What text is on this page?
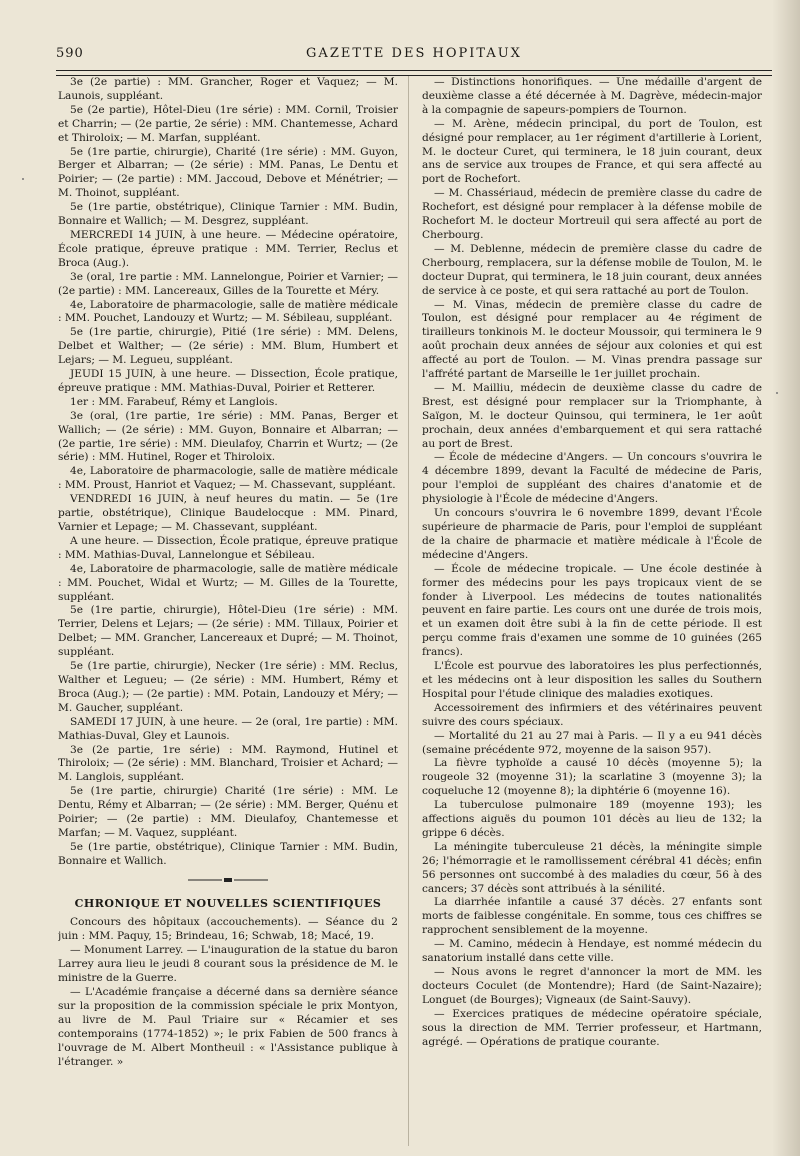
590	GAZETTE DES HOPITAUX

3e (2e partie) : MM. Grancher, Roger et Vaquez; — M. Launois, suppléant.

5e (2e partie), Hôtel-Dieu (1re série) : MM. Cornil, Troisier et Charrin; — (2e partie, 2e série) : MM. Chantemesse, Achard et Thiroloix; — M. Marfan, suppléant.

5e (1re partie, chirurgie), Charité (1re série) : MM. Guyon, Berger et Albarran; — (2e série) : MM. Panas, Le Dentu et Poirier; — (2e partie) : MM. Jaccoud, Debove et Ménétrier; — M. Thoinot, suppléant.

5e (1re partie, obstétrique), Clinique Tarnier : MM. Budin, Bonnaire et Wallich; — M. Desgrez, suppléant.

MERCREDI 14 JUIN, à une heure. — Médecine opératoire, École pratique, épreuve pratique : MM. Terrier, Reclus et Broca (Aug.).

3e (oral, 1re partie : MM. Lannelongue, Poirier et Varnier; — (2e partie) : MM. Lancereaux, Gilles de la Tourette et Méry.

4e, Laboratoire de pharmacologie, salle de matière médicale : MM. Pouchet, Landouzy et Wurtz; — M. Sébileau, suppléant.

5e (1re partie, chirurgie), Pitié (1re série) : MM. Delens, Delbet et Walther; — (2e série) : MM. Blum, Humbert et Lejars; — M. Legueu, suppléant.

JEUDI 15 JUIN, à une heure. — Dissection, École pratique, épreuve pratique : MM. Mathias-Duval, Poirier et Retterer.

1er : MM. Farabeuf, Rémy et Langlois.

3e (oral, (1re partie, 1re série) : MM. Panas, Berger et Wallich; — (2e série) : MM. Guyon, Bonnaire et Albarran; — (2e partie, 1re série) : MM. Dieulafoy, Charrin et Wurtz; — (2e série) : MM. Hutinel, Roger et Thiroloix.

4e, Laboratoire de pharmacologie, salle de matière médicale : MM. Proust, Hanriot et Vaquez; — M. Chassevant, suppléant.

VENDREDI 16 JUIN, à neuf heures du matin. — 5e (1re partie, obstétrique), Clinique Baudelocque : MM. Pinard, Varnier et Lepage; — M. Chassevant, suppléant.

A une heure. — Dissection, École pratique, épreuve pratique : MM. Mathias-Duval, Lannelongue et Sébileau.

4e, Laboratoire de pharmacologie, salle de matière médicale : MM. Pouchet, Widal et Wurtz; — M. Gilles de la Tourette, suppléant.

5e (1re partie, chirurgie), Hôtel-Dieu (1re série) : MM. Terrier, Delens et Lejars; — (2e série) : MM. Tillaux, Poirier et Delbet; — MM. Grancher, Lancereaux et Dupré; — M. Thoinot, suppléant.

5e (1re partie, chirurgie), Necker (1re série) : MM. Reclus, Walther et Legueu; — (2e série) : MM. Humbert, Rémy et Broca (Aug.); — (2e partie) : MM. Potain, Landouzy et Méry; — M. Gaucher, suppléant.

SAMEDI 17 JUIN, à une heure. — 2e (oral, 1re partie) : MM. Mathias-Duval, Gley et Launois.

3e (2e partie, 1re série) : MM. Raymond, Hutinel et Thiroloix; — (2e série) : MM. Blanchard, Troisier et Achard; — M. Langlois, suppléant.

5e (1re partie, chirurgie) Charité (1re série) : MM. Le Dentu, Rémy et Albarran; — (2e série) : MM. Berger, Quénu et Poirier; — (2e partie) : MM. Dieulafoy, Chantemesse et Marfan; — M. Vaquez, suppléant.

5e (1re partie, obstétrique), Clinique Tarnier : MM. Budin, Bonnaire et Wallich.

CHRONIQUE ET NOUVELLES SCIENTIFIQUES

Concours des hôpitaux (accouchements). — Séance du 2 juin : MM. Paquy, 15; Brindeau, 16; Schwab, 18; Macé, 19.

— Monument Larrey. — L'inauguration de la statue du baron Larrey aura lieu le jeudi 8 courant sous la présidence de M. le ministre de la Guerre.

— L'Académie française a décerné dans sa dernière séance sur la proposition de la commission spéciale le prix Montyon, au livre de M. Paul Triaire sur « Récamier et ses contemporains (1774-1852) »; le prix Fabien de 500 francs à l'ouvrage de M. Albert Montheuil : « l'Assistance publique à l'étranger. »

— Distinctions honorifiques. — Une médaille d'argent de deuxième classe a été décernée à M. Dagrève, médecin-major à la compagnie de sapeurs-pompiers de Tournon.

— M. Arène, médecin principal, du port de Toulon, est désigné pour remplacer, au 1er régiment d'artillerie à Lorient, M. le docteur Curet, qui terminera, le 18 juin courant, deux ans de service aux troupes de France, et qui sera affecté au port de Rochefort.

— M. Chassériaud, médecin de première classe du cadre de Rochefort, est désigné pour remplacer à la défense mobile de Rochefort M. le docteur Mortreuil qui sera affecté au port de Cherbourg.

— M. Deblenne, médecin de première classe du cadre de Cherbourg, remplacera, sur la défense mobile de Toulon, M. le docteur Duprat, qui terminera, le 18 juin courant, deux années de service à ce poste, et qui sera rattaché au port de Toulon.

— M. Vinas, médecin de première classe du cadre de Toulon, est désigné pour remplacer au 4e régiment de tirailleurs tonkinois M. le docteur Moussoir, qui terminera le 9 août prochain deux années de séjour aux colonies et qui est affecté au port de Toulon. — M. Vinas prendra passage sur l'affrété partant de Marseille le 1er juillet prochain.

— M. Mailliu, médecin de deuxième classe du cadre de Brest, est désigné pour remplacer sur la Triomphante, à Saïgon, M. le docteur Quinsou, qui terminera, le 1er août prochain, deux années d'embarquement et qui sera rattaché au port de Brest.

— École de médecine d'Angers. — Un concours s'ouvrira le 4 décembre 1899, devant la Faculté de médecine de Paris, pour l'emploi de suppléant des chaires d'anatomie et de physiologie à l'École de médecine d'Angers.

Un concours s'ouvrira le 6 novembre 1899, devant l'École supérieure de pharmacie de Paris, pour l'emploi de suppléant de la chaire de pharmacie et matière médicale à l'École de médecine d'Angers.

— École de médecine tropicale. — Une école destinée à former des médecins pour les pays tropicaux vient de se fonder à Liverpool. Les médecins de toutes nationalités peuvent en faire partie. Les cours ont une durée de trois mois, et un examen doit être subi à la fin de cette période. Il est perçu comme frais d'examen une somme de 10 guinées (265 francs).

L'École est pourvue des laboratoires les plus perfectionnés, et les médecins ont à leur disposition les salles du Southern Hospital pour l'étude clinique des maladies exotiques.

Accessoirement des infirmiers et des vétérinaires peuvent suivre des cours spéciaux.

— Mortalité du 21 au 27 mai à Paris. — Il y a eu 941 décès (semaine précédente 972, moyenne de la saison 957).

La fièvre typhoïde a causé 10 décès (moyenne 5); la rougeole 32 (moyenne 31); la scarlatine 3 (moyenne 3); la coqueluche 12 (moyenne 8); la diphtérie 6 (moyenne 16).

La tuberculose pulmonaire 189 (moyenne 193); les affections aiguës du poumon 101 décès au lieu de 132; la grippe 6 décès.

La méningite tuberculeuse 21 décès, la méningite simple 26; l'hémorragie et le ramollissement cérébral 41 décès; enfin 56 personnes ont succombé à des maladies du cœur, 56 à des cancers; 37 décès sont attribués à la sénilité.

La diarrhée infantile a causé 37 décès. 27 enfants sont morts de faiblesse congénitale. En somme, tous ces chiffres se rapprochent sensiblement de la moyenne.

— M. Camino, médecin à Hendaye, est nommé médecin du sanatorium installé dans cette ville.

— Nous avons le regret d'annoncer la mort de MM. les docteurs Coculet (de Montendre); Hard (de Saint-Nazaire); Longuet (de Bourges); Vigneaux (de Saint-Sauvy).

— Exercices pratiques de médecine opératoire spéciale, sous la direction de MM. Terrier professeur, et Hartmann, agrégé. — Opérations de pratique courante.
